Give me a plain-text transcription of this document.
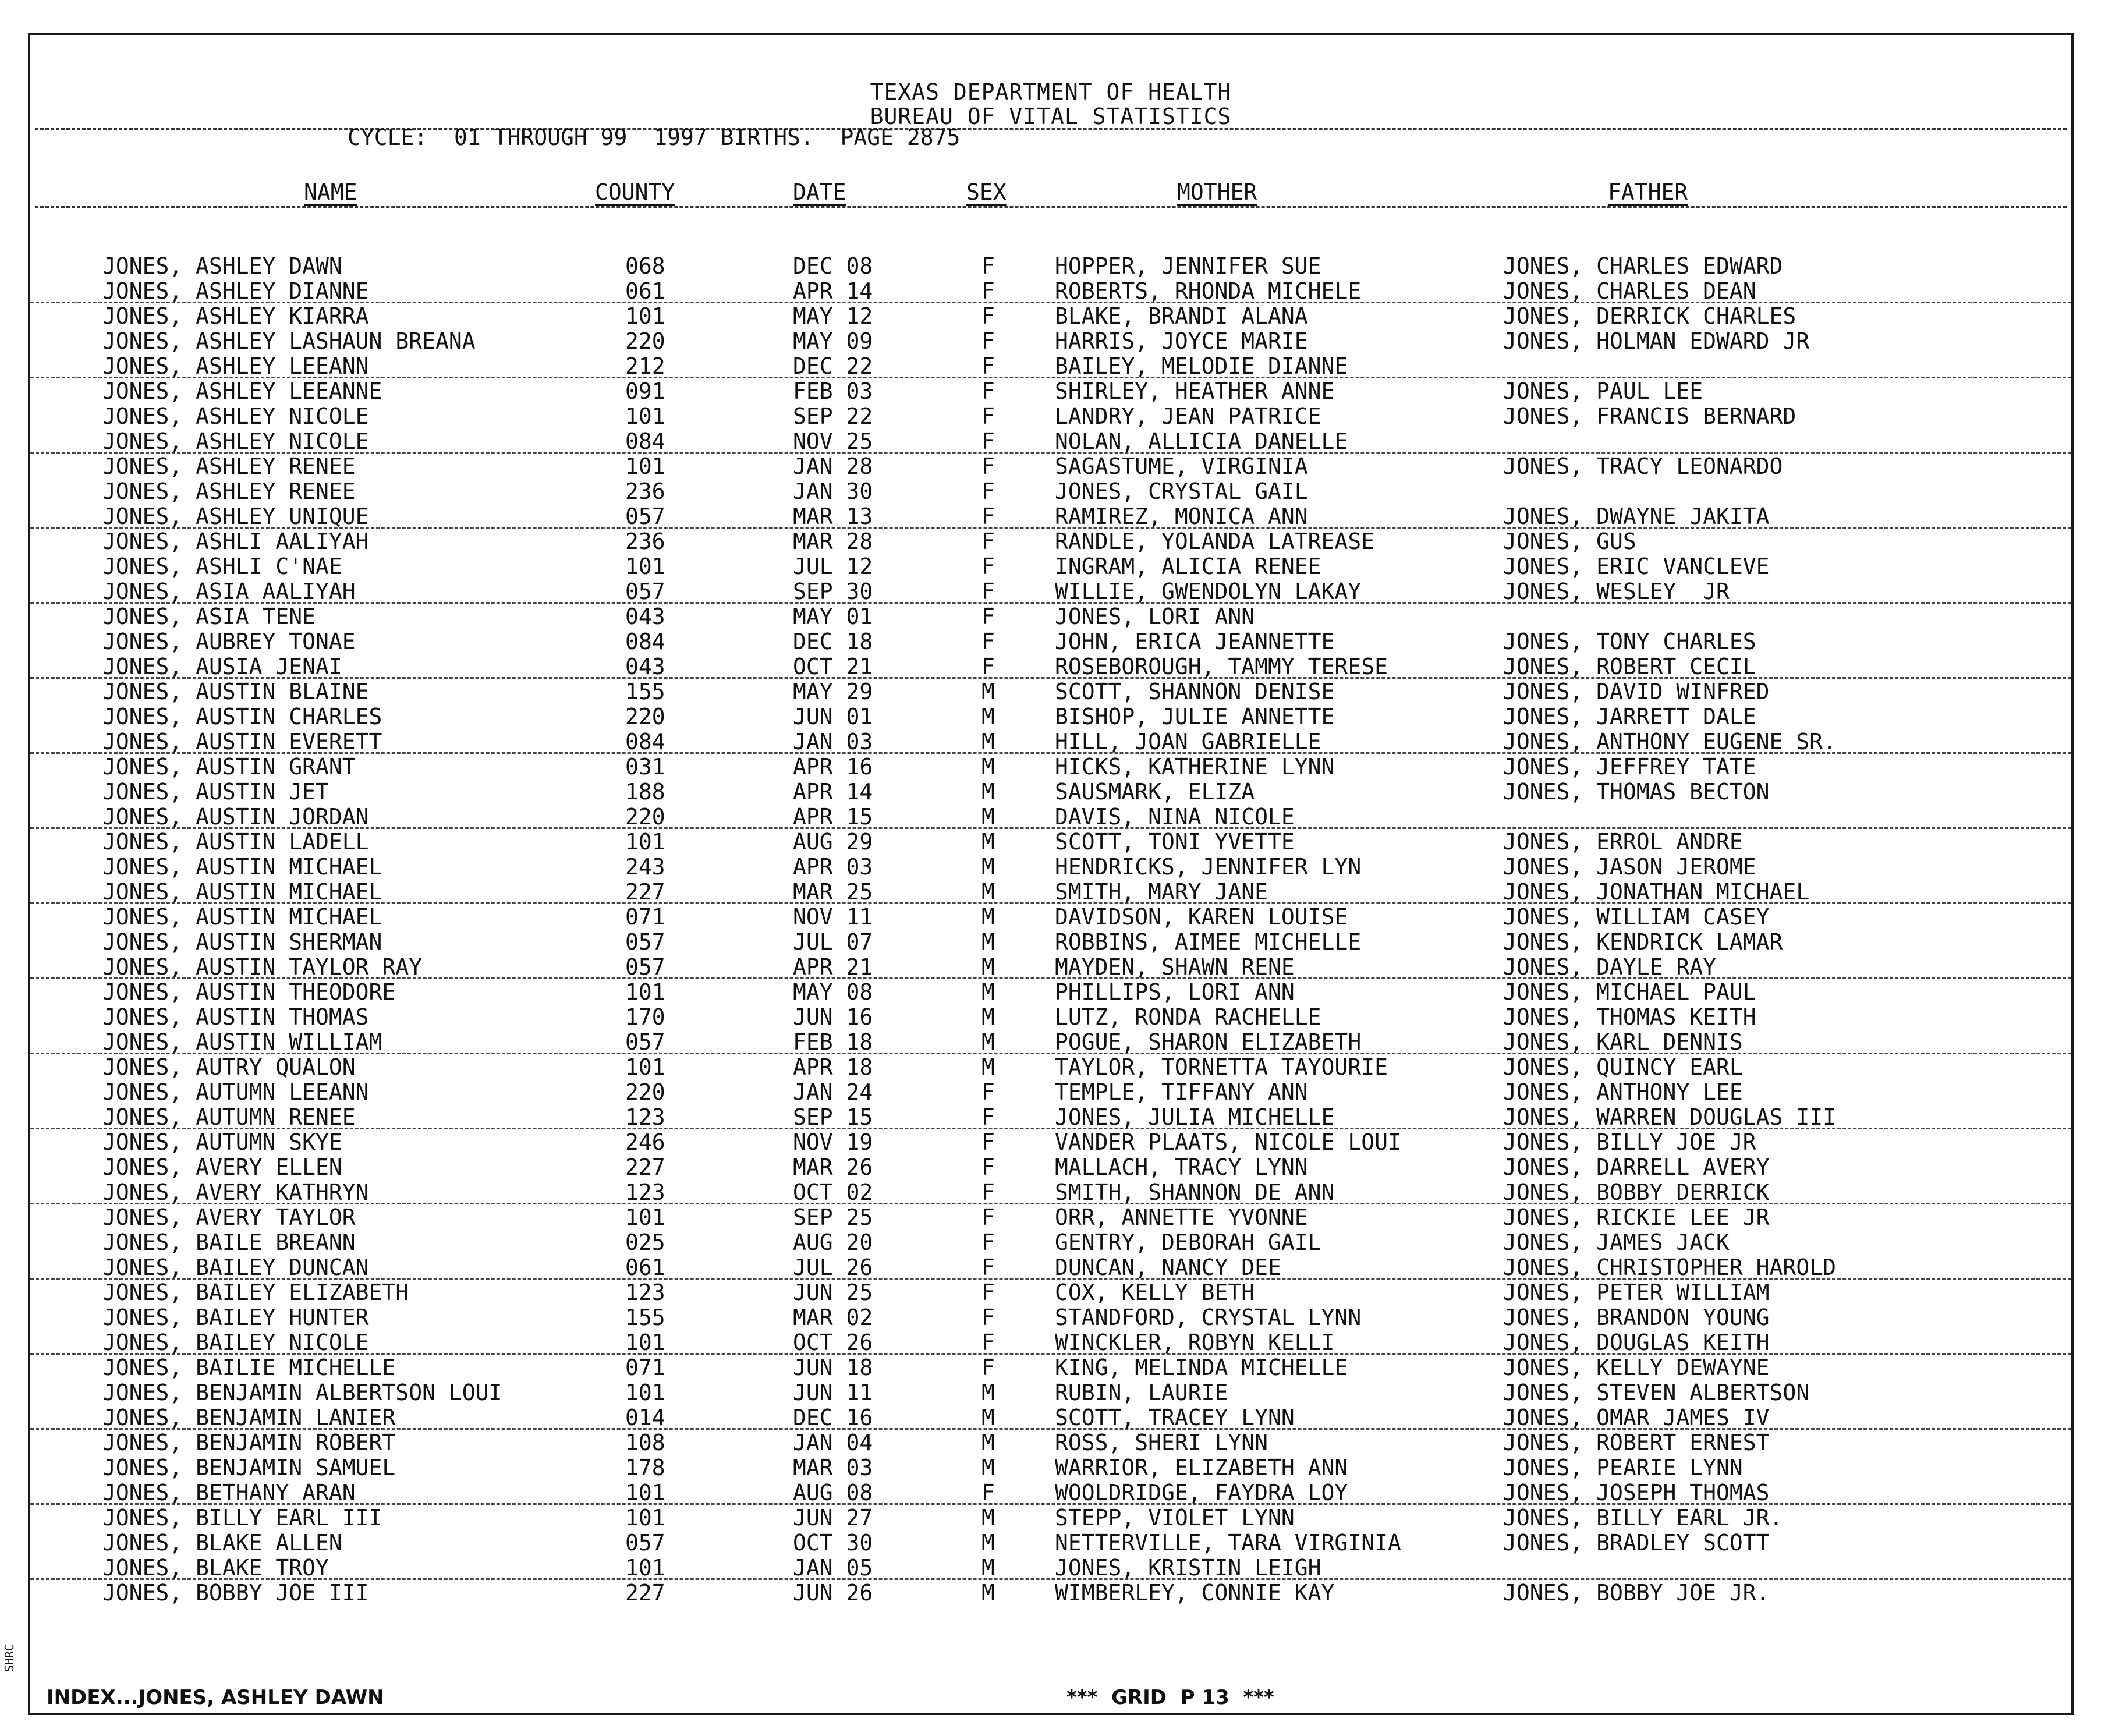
TEXAS DEPARTMENT OF HEALTH
BUREAU OF VITAL STATISTICS
CYCLE:  01 THROUGH 99  1997 BIRTHS.  PAGE 2875
NAME	COUNTY	DATE	SEX	MOTHER	FATHER
JONES, ASHLEY DAWN	068	DEC 08	F	HOPPER, JENNIFER SUE	JONES, CHARLES EDWARD
JONES, ASHLEY DIANNE	061	APR 14	F	ROBERTS, RHONDA MICHELE	JONES, CHARLES DEAN
JONES, ASHLEY KIARRA	101	MAY 12	F	BLAKE, BRANDI ALANA	JONES, DERRICK CHARLES
JONES, ASHLEY LASHAUN BREANA	220	MAY 09	F	HARRIS, JOYCE MARIE	JONES, HOLMAN EDWARD JR
JONES, ASHLEY LEEANN	212	DEC 22	F	BAILEY, MELODIE DIANNE
JONES, ASHLEY LEEANNE	091	FEB 03	F	SHIRLEY, HEATHER ANNE	JONES, PAUL LEE
JONES, ASHLEY NICOLE	101	SEP 22	F	LANDRY, JEAN PATRICE	JONES, FRANCIS BERNARD
JONES, ASHLEY NICOLE	084	NOV 25	F	NOLAN, ALLICIA DANELLE
JONES, ASHLEY RENEE	101	JAN 28	F	SAGASTUME, VIRGINIA	JONES, TRACY LEONARDO
JONES, ASHLEY RENEE	236	JAN 30	F	JONES, CRYSTAL GAIL
JONES, ASHLEY UNIQUE	057	MAR 13	F	RAMIREZ, MONICA ANN	JONES, DWAYNE JAKITA
JONES, ASHLI AALIYAH	236	MAR 28	F	RANDLE, YOLANDA LATREASE	JONES, GUS
JONES, ASHLI C'NAE	101	JUL 12	F	INGRAM, ALICIA RENEE	JONES, ERIC VANCLEVE
JONES, ASIA AALIYAH	057	SEP 30	F	WILLIE, GWENDOLYN LAKAY	JONES, WESLEY  JR
JONES, ASIA TENE	043	MAY 01	F	JONES, LORI ANN
JONES, AUBREY TONAE	084	DEC 18	F	JOHN, ERICA JEANNETTE	JONES, TONY CHARLES
JONES, AUSIA JENAI	043	OCT 21	F	ROSEBOROUGH, TAMMY TERESE	JONES, ROBERT CECIL
JONES, AUSTIN BLAINE	155	MAY 29	M	SCOTT, SHANNON DENISE	JONES, DAVID WINFRED
JONES, AUSTIN CHARLES	220	JUN 01	M	BISHOP, JULIE ANNETTE	JONES, JARRETT DALE
JONES, AUSTIN EVERETT	084	JAN 03	M	HILL, JOAN GABRIELLE	JONES, ANTHONY EUGENE SR.
JONES, AUSTIN GRANT	031	APR 16	M	HICKS, KATHERINE LYNN	JONES, JEFFREY TATE
JONES, AUSTIN JET	188	APR 14	M	SAUSMARK, ELIZA	JONES, THOMAS BECTON
JONES, AUSTIN JORDAN	220	APR 15	M	DAVIS, NINA NICOLE
JONES, AUSTIN LADELL	101	AUG 29	M	SCOTT, TONI YVETTE	JONES, ERROL ANDRE
JONES, AUSTIN MICHAEL	243	APR 03	M	HENDRICKS, JENNIFER LYN	JONES, JASON JEROME
JONES, AUSTIN MICHAEL	227	MAR 25	M	SMITH, MARY JANE	JONES, JONATHAN MICHAEL
JONES, AUSTIN MICHAEL	071	NOV 11	M	DAVIDSON, KAREN LOUISE	JONES, WILLIAM CASEY
JONES, AUSTIN SHERMAN	057	JUL 07	M	ROBBINS, AIMEE MICHELLE	JONES, KENDRICK LAMAR
JONES, AUSTIN TAYLOR RAY	057	APR 21	M	MAYDEN, SHAWN RENE	JONES, DAYLE RAY
JONES, AUSTIN THEODORE	101	MAY 08	M	PHILLIPS, LORI ANN	JONES, MICHAEL PAUL
JONES, AUSTIN THOMAS	170	JUN 16	M	LUTZ, RONDA RACHELLE	JONES, THOMAS KEITH
JONES, AUSTIN WILLIAM	057	FEB 18	M	POGUE, SHARON ELIZABETH	JONES, KARL DENNIS
JONES, AUTRY QUALON	101	APR 18	M	TAYLOR, TORNETTA TAYOURIE	JONES, QUINCY EARL
JONES, AUTUMN LEEANN	220	JAN 24	F	TEMPLE, TIFFANY ANN	JONES, ANTHONY LEE
JONES, AUTUMN RENEE	123	SEP 15	F	JONES, JULIA MICHELLE	JONES, WARREN DOUGLAS III
JONES, AUTUMN SKYE	246	NOV 19	F	VANDER PLAATS, NICOLE LOUI	JONES, BILLY JOE JR
JONES, AVERY ELLEN	227	MAR 26	F	MALLACH, TRACY LYNN	JONES, DARRELL AVERY
JONES, AVERY KATHRYN	123	OCT 02	F	SMITH, SHANNON DE ANN	JONES, BOBBY DERRICK
JONES, AVERY TAYLOR	101	SEP 25	F	ORR, ANNETTE YVONNE	JONES, RICKIE LEE JR
JONES, BAILE BREANN	025	AUG 20	F	GENTRY, DEBORAH GAIL	JONES, JAMES JACK
JONES, BAILEY DUNCAN	061	JUL 26	F	DUNCAN, NANCY DEE	JONES, CHRISTOPHER HAROLD
JONES, BAILEY ELIZABETH	123	JUN 25	F	COX, KELLY BETH	JONES, PETER WILLIAM
JONES, BAILEY HUNTER	155	MAR 02	F	STANDFORD, CRYSTAL LYNN	JONES, BRANDON YOUNG
JONES, BAILEY NICOLE	101	OCT 26	F	WINCKLER, ROBYN KELLI	JONES, DOUGLAS KEITH
JONES, BAILIE MICHELLE	071	JUN 18	F	KING, MELINDA MICHELLE	JONES, KELLY DEWAYNE
JONES, BENJAMIN ALBERTSON LOUI	101	JUN 11	M	RUBIN, LAURIE	JONES, STEVEN ALBERTSON
JONES, BENJAMIN LANIER	014	DEC 16	M	SCOTT, TRACEY LYNN	JONES, OMAR JAMES IV
JONES, BENJAMIN ROBERT	108	JAN 04	M	ROSS, SHERI LYNN	JONES, ROBERT ERNEST
JONES, BENJAMIN SAMUEL	178	MAR 03	M	WARRIOR, ELIZABETH ANN	JONES, PEARIE LYNN
JONES, BETHANY ARAN	101	AUG 08	F	WOOLDRIDGE, FAYDRA LOY	JONES, JOSEPH THOMAS
JONES, BILLY EARL III	101	JUN 27	M	STEPP, VIOLET LYNN	JONES, BILLY EARL JR.
JONES, BLAKE ALLEN	057	OCT 30	M	NETTERVILLE, TARA VIRGINIA	JONES, BRADLEY SCOTT
JONES, BLAKE TROY	101	JAN 05	M	JONES, KRISTIN LEIGH
JONES, BOBBY JOE III	227	JUN 26	M	WIMBERLEY, CONNIE KAY	JONES, BOBBY JOE JR.
INDEX...JONES, ASHLEY DAWN	***  GRID  P 13  ***
SHRC
